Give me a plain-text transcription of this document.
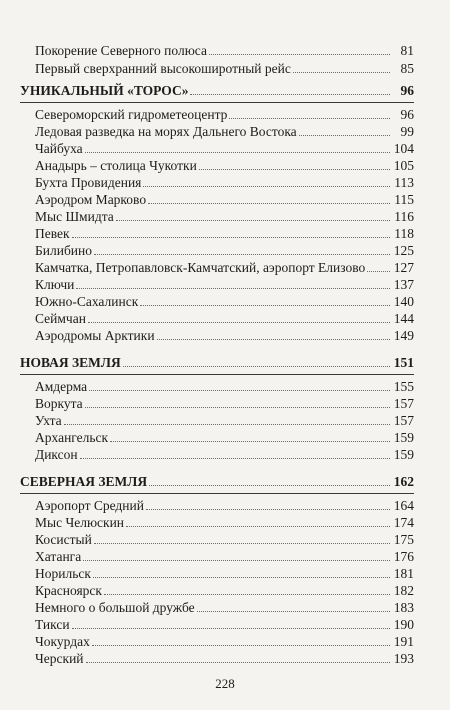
Покорение Северного полюса	81
Первый сверхранний высокоширотный рейс	85
УНИКАЛЬНЫЙ «ТОРОС»	96
Североморский гидрометеоцентр	96
Ледовая разведка на морях Дальнего Востока	99
Чайбуха	104
Анадырь – столица Чукотки	105
Бухта Провидения	113
Аэродром Марково	115
Мыс Шмидта	116
Певек	118
Билибино	125
Камчатка, Петропавловск-Камчатский, аэропорт Елизово 127
Ключи	137
Южно-Сахалинск	140
Сеймчан	144
Аэродромы Арктики	149
НОВАЯ ЗЕМЛЯ	151
Амдерма	155
Воркута	157
Ухта	157
Архангельск	159
Диксон	159
СЕВЕРНАЯ ЗЕМЛЯ	162
Аэропорт Средний	164
Мыс Челюскин	174
Косистый	175
Хатанга	176
Норильск	181
Красноярск	182
Немного о большой дружбе	183
Тикси	190
Чокурдах	191
Черский	193
228
